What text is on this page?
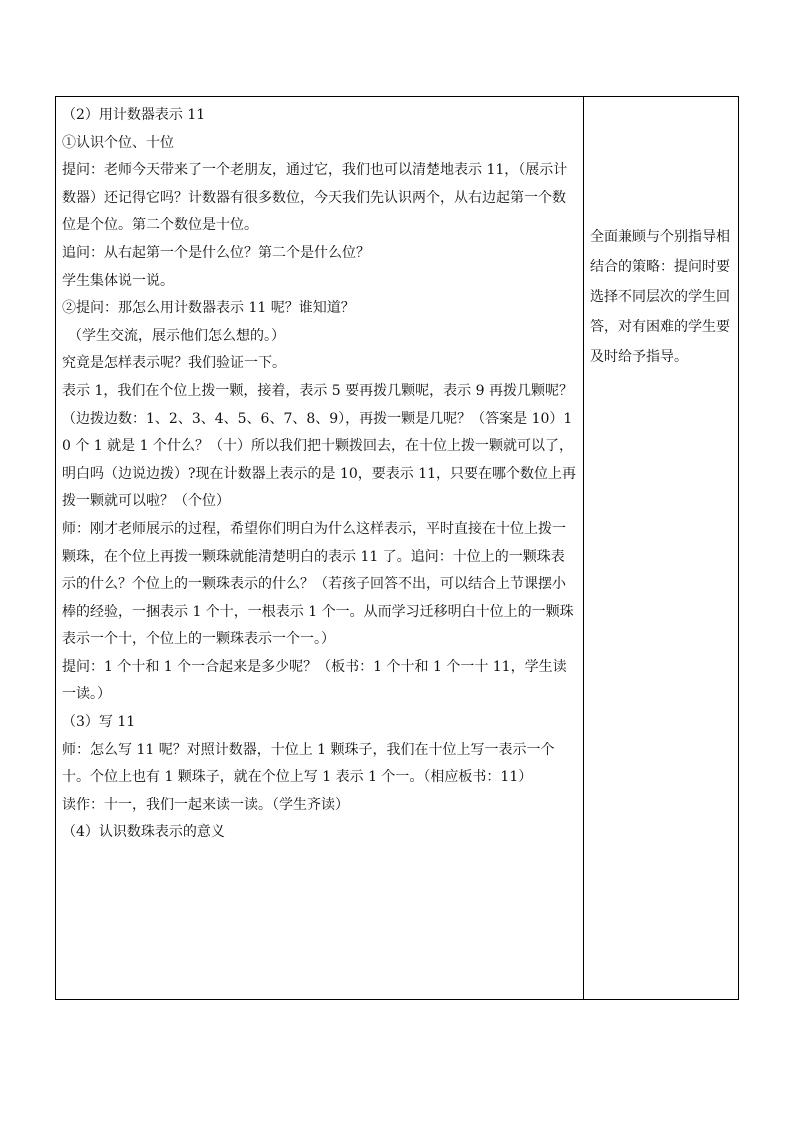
（2）用计数器表示 11

①认识个位、十位

提问：老师今天带来了一个老朋友，通过它，我们也可以清楚地表示 11，（展示计数器）还记得它吗？计数器有很多数位，今天我们先认识两个，从右边起第一个数位是个位。第二个数位是十位。

追问：从右起第一个是什么位？第二个是什么位？

学生集体说一说。

②提问：那怎么用计数器表示 11 呢？谁知道？

（学生交流，展示他们怎么想的。）

究竟是怎样表示呢？我们验证一下。

表示 1，我们在个位上拨一颗，接着，表示 5 要再拨几颗呢，表示 9 再拨几颗呢？（边拨边数：1、2、3、4、5、6、7、8、9），再拨一颗是几呢？（答案是 10）10 个 1 就是 1 个什么？（十）所以我们把十颗拨回去，在十位上拨一颗就可以了，明白吗（边说边拨）?现在计数器上表示的是 10，要表示 11，只要在哪个数位上再拨一颗就可以啦？（个位）

师：刚才老师展示的过程，希望你们明白为什么这样表示，平时直接在十位上拨一颗珠，在个位上再拨一颗珠就能清楚明白的表示 11 了。追问：十位上的一颗珠表示的什么？个位上的一颗珠表示的什么？（若孩子回答不出，可以结合上节课摆小棒的经验，一捆表示 1 个十，一根表示 1 个一。从而学习迁移明白十位上的一颗珠表示一个十，个位上的一颗珠表示一个一。）

提问：1 个十和 1 个一合起来是多少呢？（板书：1 个十和 1 个一十 11，学生读一读。）

（3）写 11

师：怎么写 11 呢？对照计数器，十位上 1 颗珠子，我们在十位上写一表示一个十。个位上也有 1 颗珠子，就在个位上写 1 表示 1 个一。（相应板书：11）

读作：十一，我们一起来读一读。（学生齐读）

（4）认识数珠表示的意义

全面兼顾与个别指导相结合的策略：提问时要选择不同层次的学生回答，对有困难的学生要及时给予指导。
